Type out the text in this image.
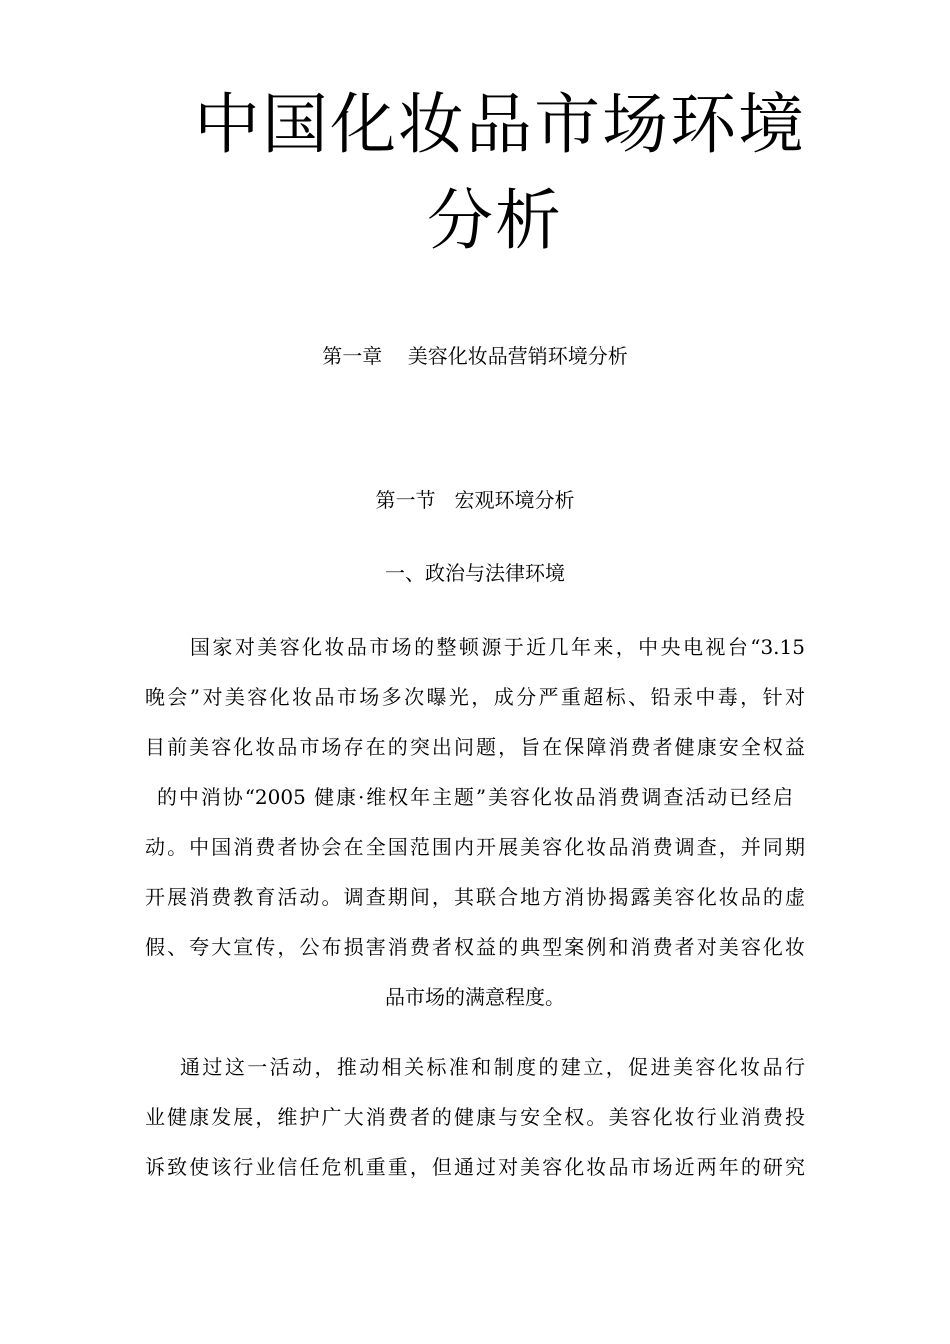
中国化妆品市场环境
分析
第一章    美容化妆品营销环境分析
第一节   宏观环境分析
一、政治与法律环境
国家对美容化妆品市场的整顿源于近几年来，中央电视台“3.15
晚会”对美容化妆品市场多次曝光，成分严重超标、铅汞中毒，针对
目前美容化妆品市场存在的突出问题，旨在保障消费者健康安全权益
的中消协“2005 健康·维权年主题”美容化妆品消费调查活动已经启
动。中国消费者协会在全国范围内开展美容化妆品消费调查，并同期
开展消费教育活动。调查期间，其联合地方消协揭露美容化妆品的虚
假、夸大宣传，公布损害消费者权益的典型案例和消费者对美容化妆
品市场的满意程度。
通过这一活动，推动相关标准和制度的建立，促进美容化妆品行
业健康发展，维护广大消费者的健康与安全权。美容化妆行业消费投
诉致使该行业信任危机重重，但通过对美容化妆品市场近两年的研究
